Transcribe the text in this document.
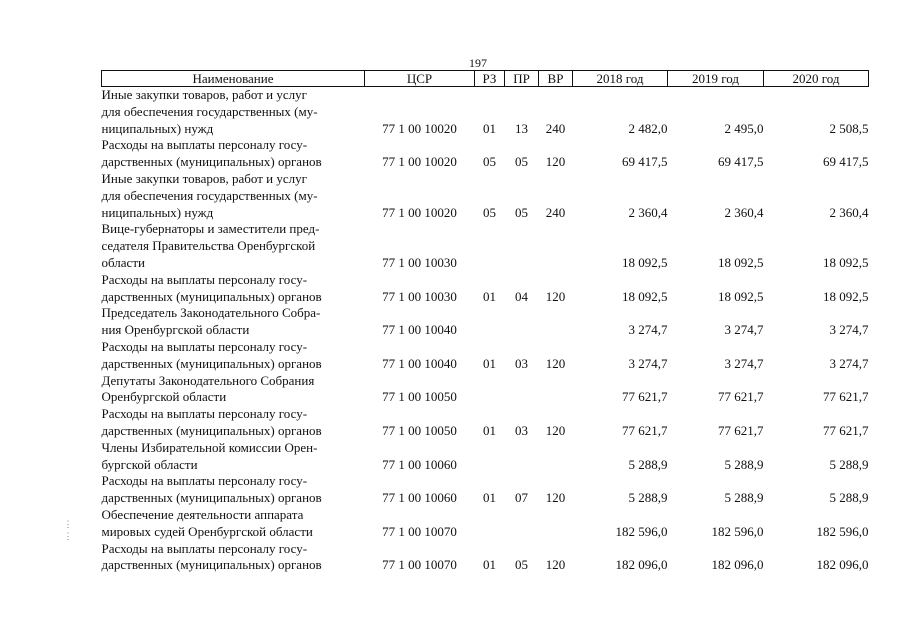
197
Наименование	ЦСР	РЗ	ПР	ВР	2018 год	2019 год	2020 год

Иные закупки товаров, работ и услуг
для обеспечения государственных (му-
ниципальных) нужд	77 1 00 10020	01	13	240	2 482,0	2 495,0	2 508,5

Расходы на выплаты персоналу госу-
дарственных (муниципальных) органов	77 1 00 10020	05	05	120	69 417,5	69 417,5	69 417,5

Иные закупки товаров, работ и услуг
для обеспечения государственных (му-
ниципальных) нужд	77 1 00 10020	05	05	240	2 360,4	2 360,4	2 360,4

Вице-губернаторы и заместители пред-
седателя Правительства Оренбургской
области	77 1 00 10030				18 092,5	18 092,5	18 092,5

Расходы на выплаты персоналу госу-
дарственных (муниципальных) органов	77 1 00 10030	01	04	120	18 092,5	18 092,5	18 092,5

Председатель Законодательного Собра-
ния Оренбургской области	77 1 00 10040				3 274,7	3 274,7	3 274,7

Расходы на выплаты персоналу госу-
дарственных (муниципальных) органов	77 1 00 10040	01	03	120	3 274,7	3 274,7	3 274,7

Депутаты Законодательного Собрания
Оренбургской области	77 1 00 10050				77 621,7	77 621,7	77 621,7

Расходы на выплаты персоналу госу-
дарственных (муниципальных) органов	77 1 00 10050	01	03	120	77 621,7	77 621,7	77 621,7

Члены Избирательной комиссии Орен-
бургской области	77 1 00 10060				5 288,9	5 288,9	5 288,9

Расходы на выплаты персоналу госу-
дарственных (муниципальных) органов	77 1 00 10060	01	07	120	5 288,9	5 288,9	5 288,9

Обеспечение деятельности аппарата
мировых судей Оренбургской области	77 1 00 10070				182 596,0	182 596,0	182 596,0

Расходы на выплаты персоналу госу-
дарственных (муниципальных) органов	77 1 00 10070	01	05	120	182 096,0	182 096,0	182 096,0
⋮
⋮
